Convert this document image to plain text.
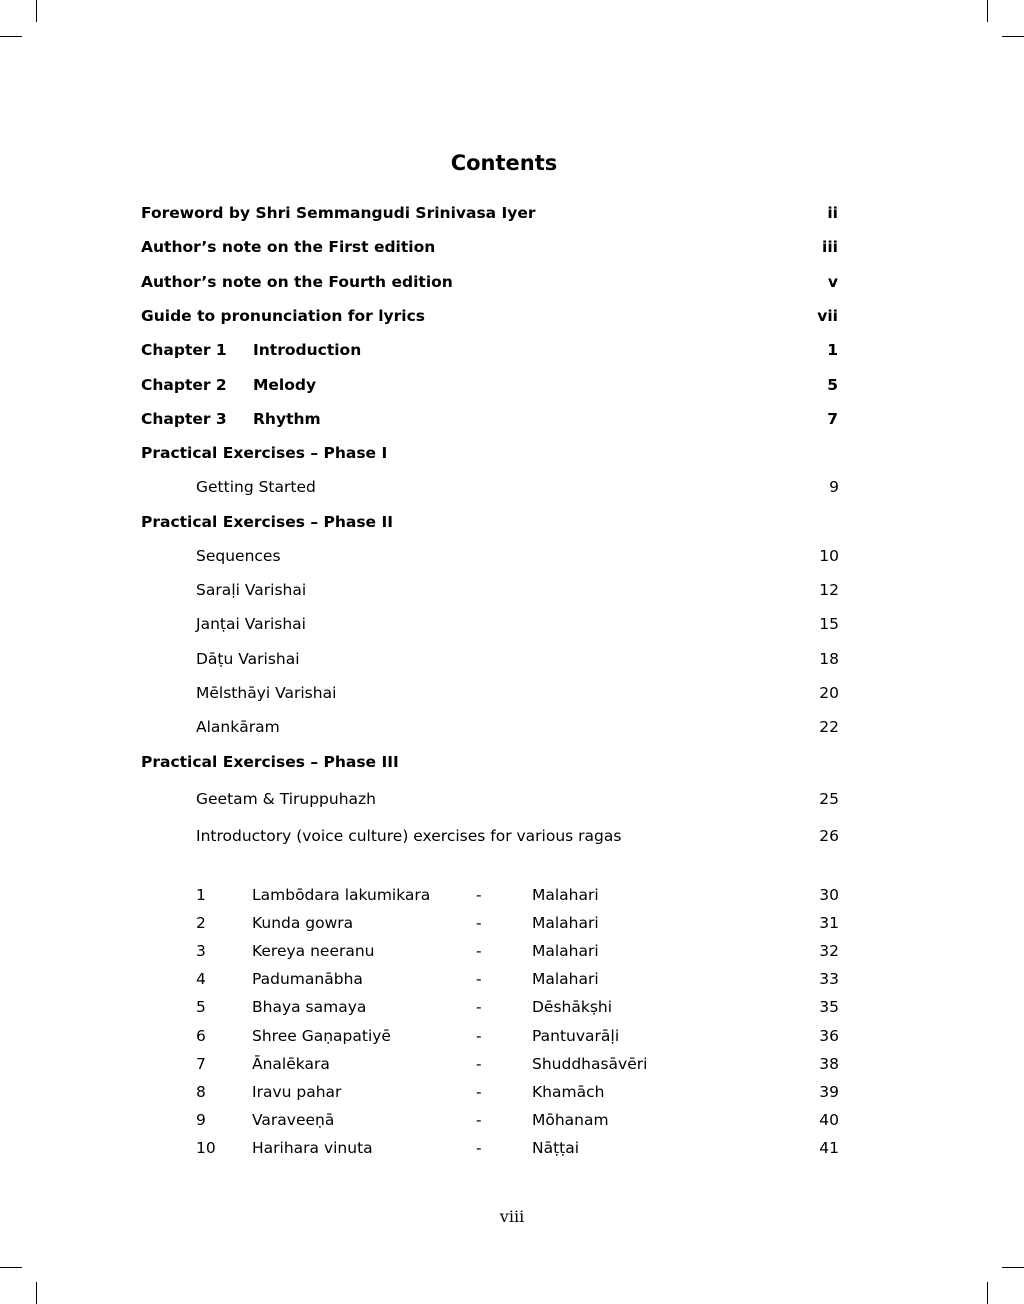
Contents
Foreword by Shri Semmangudi Srinivasa Iyer	ii
Author’s note on the First edition	iii
Author’s note on the Fourth edition	v
Guide to pronunciation for lyrics	vii
Chapter 1 Introduction	1
Chapter 2 Melody	5
Chapter 3 Rhythm	7
Practical Exercises – Phase I
Getting Started	9
Practical Exercises – Phase II
Sequences	10
Saraḷi Varishai	12
Janṭai Varishai	15
Dāṭu Varishai	18
Mēlsthāyi Varishai	20
Alankāram	22
Practical Exercises – Phase III
Geetam & Tiruppuhazh	25
Introductory (voice culture) exercises for various ragas	26
1	Lambōdara lakumikara	-	Malahari	30
2	Kunda gowra	-	Malahari	31
3	Kereya neeranu	-	Malahari	32
4	Padumanābha	-	Malahari	33
5	Bhaya samaya	-	Dēshākṣhi	35
6	Shree Gaṇapatiyē	-	Pantuvarāḷi	36
7	Ānalēkara	-	Shuddhasāvēri	38
8	Iravu pahar	-	Khamāch	39
9	Varaveeṇā	-	Mōhanam	40
10 Harihara vinuta	-	Nāṭṭai	41
viii
